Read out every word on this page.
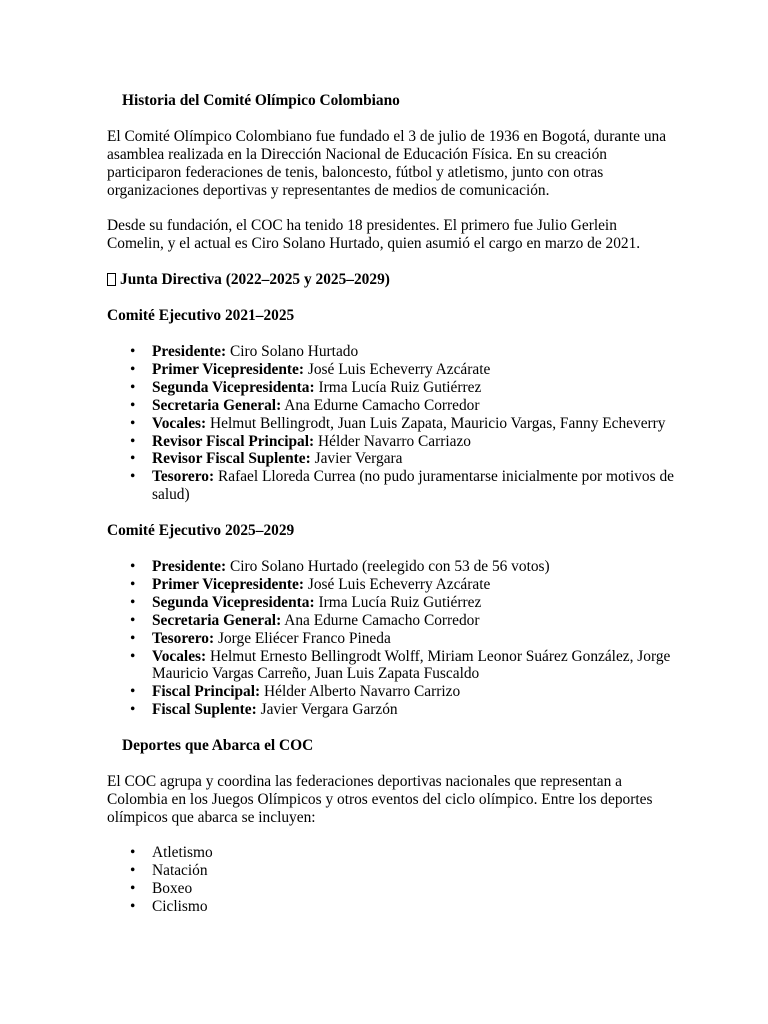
Historia del Comité Olímpico Colombiano

El Comité Olímpico Colombiano fue fundado el 3 de julio de 1936 en Bogotá, durante una asamblea realizada en la Dirección Nacional de Educación Física. En su creación participaron federaciones de tenis, baloncesto, fútbol y atletismo, junto con otras organizaciones deportivas y representantes de medios de comunicación.

Desde su fundación, el COC ha tenido 18 presidentes. El primero fue Julio Gerlein Comelin, y el actual es Ciro Solano Hurtado, quien asumió el cargo en marzo de 2021.

Junta Directiva (2022–2025 y 2025–2029)
Comité Ejecutivo 2021–2025
• Presidente: Ciro Solano Hurtado
• Primer Vicepresidente: José Luis Echeverry Azcárate
• Segunda Vicepresidenta: Irma Lucía Ruiz Gutiérrez
• Secretaria General: Ana Edurne Camacho Corredor
• Vocales: Helmut Bellingrodt, Juan Luis Zapata, Mauricio Vargas, Fanny Echeverry
• Revisor Fiscal Principal: Hélder Navarro Carriazo
• Revisor Fiscal Suplente: Javier Vergara
• Tesorero: Rafael Lloreda Currea (no pudo juramentarse inicialmente por motivos de salud)
Comité Ejecutivo 2025–2029
• Presidente: Ciro Solano Hurtado (reelegido con 53 de 56 votos)
• Primer Vicepresidente: José Luis Echeverry Azcárate
• Segunda Vicepresidenta: Irma Lucía Ruiz Gutiérrez
• Secretaria General: Ana Edurne Camacho Corredor
• Tesorero: Jorge Eliécer Franco Pineda
• Vocales: Helmut Ernesto Bellingrodt Wolff, Miriam Leonor Suárez González, Jorge Mauricio Vargas Carreño, Juan Luis Zapata Fuscaldo
• Fiscal Principal: Hélder Alberto Navarro Carrizo
• Fiscal Suplente: Javier Vergara Garzón
Deportes que Abarca el COC

El COC agrupa y coordina las federaciones deportivas nacionales que representan a Colombia en los Juegos Olímpicos y otros eventos del ciclo olímpico. Entre los deportes olímpicos que abarca se incluyen:

• Atletismo
• Natación
• Boxeo
• Ciclismo
